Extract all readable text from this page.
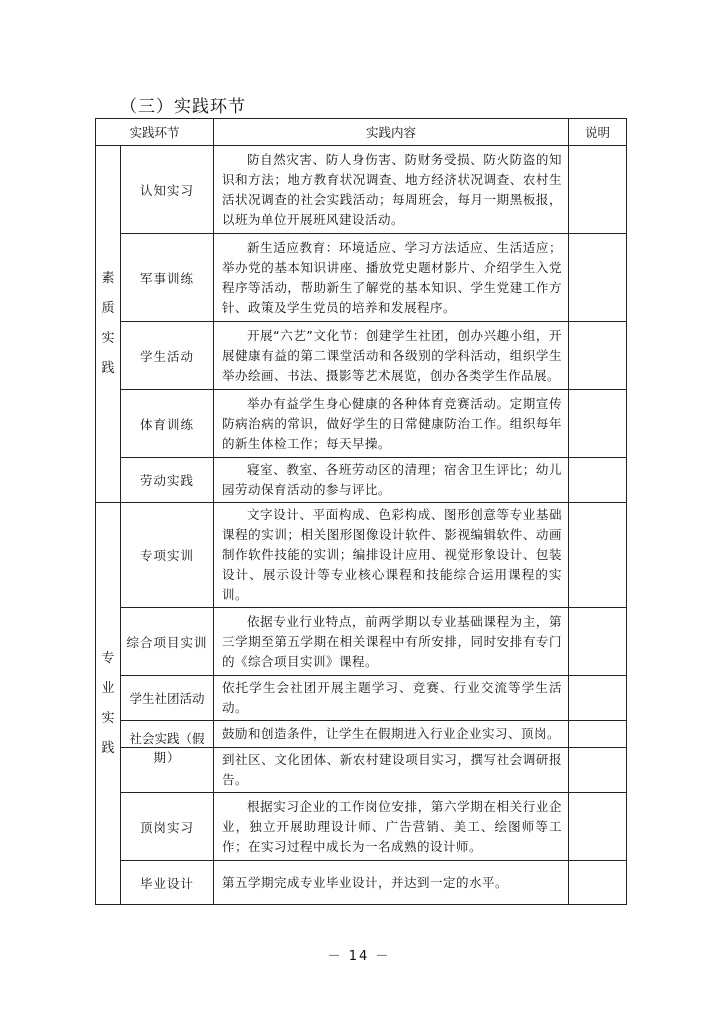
（三）实践环节
实践环节		实践内容	说明

素
质
实
践	认知实习	防自然灾害、防人身伤害、防财务受损、防火防盗的知识和方法；地方教育状况调查、地方经济状况调查、农村生活状况调查的社会实践活动；每周班会，每月一期黑板报，以班为单位开展班风建设活动。	
	军事训练	新生适应教育：环境适应、学习方法适应、生活适应；举办党的基本知识讲座、播放党史题材影片、介绍学生入党程序等活动，帮助新生了解党的基本知识、学生党建工作方针、政策及学生党员的培养和发展程序。	
	学生活动	开展“六艺”文化节：创建学生社团，创办兴趣小组，开展健康有益的第二课堂活动和各级别的学科活动，组织学生举办绘画、书法、摄影等艺术展览，创办各类学生作品展。	
	体育训练	举办有益学生身心健康的各种体育竞赛活动。定期宣传防病治病的常识，做好学生的日常健康防治工作。组织每年的新生体检工作；每天早操。	
	劳动实践	寝室、教室、各班劳动区的清理；宿舍卫生评比；幼儿园劳动保育活动的参与评比。	

专
业
实
践	专项实训	文字设计、平面构成、色彩构成、图形创意等专业基础课程的实训；相关图形图像设计软件、影视编辑软件、动画制作软件技能的实训；编排设计应用、视觉形象设计、包装设计、展示设计等专业核心课程和技能综合运用课程的实训。	
	综合项目实训	依据专业行业特点，前两学期以专业基础课程为主，第三学期至第五学期在相关课程中有所安排，同时安排有专门的《综合项目实训》课程。	
	学生社团活动	依托学生会社团开展主题学习、竞赛、行业交流等学生活动。	
	社会实践（假	鼓励和创造条件，让学生在假期进入行业企业实习、顶岗。	
	期）	到社区、文化团体、新农村建设项目实习，撰写社会调研报告。	
	顶岗实习	根据实习企业的工作岗位安排，第六学期在相关行业企业，独立开展助理设计师、广告营销、美工、绘图师等工作；在实习过程中成长为一名成熟的设计师。	
	毕业设计	第五学期完成专业毕业设计，并达到一定的水平。	
－ 14 －
